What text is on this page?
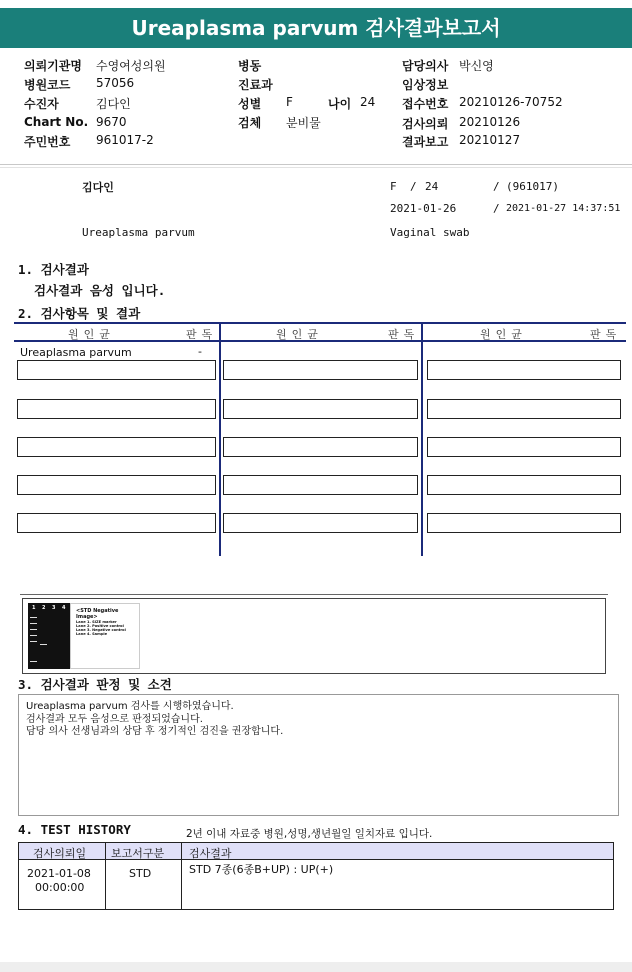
Ureaplasma parvum 검사결과보고서
의뢰기관명 수영여성의원
병원코드 57056
수진자	김다인
Chart No. 9670
주민번호 961017-2
병동
진료과
성별 F	나이 24
검체 분비물
담당의사 박신영
임상정보
접수번호 20210126-70752
검사의뢰 20210126
결과보고 20210127
김다인	F / 24	/ (961017)
2021-01-26	/ 2021-01-27 14:37:51
Ureaplasma parvum	Vaginal swab
1. 검사결과
검사결과 음성 입니다.
2. 검사항목 및 결과
원인균	판독	원인균	판독	원인균	판독
Ureaplasma parvum	-
1 2 3 4 <STD Negative Image>
Lane 1. SIZE marker
Lane 2. Positive control
Lane 3. Negative control
Lane 4. Sample
3. 검사결과 판정 및 소견
Ureaplasma parvum 검사를 시행하였습니다.
검사결과 모두 음성으로 판정되었습니다.
담당 의사 선생님과의 상담 후 정기적인 검진을 권장합니다.
4. TEST HISTORY	2년 이내 자료중 병원,성명,생년월일 일치자료 입니다.
검사의뢰일 보고서구분 검사결과
2021-01-08
00:00:00
STD	STD 7종(6종B+UP) : UP(+)
